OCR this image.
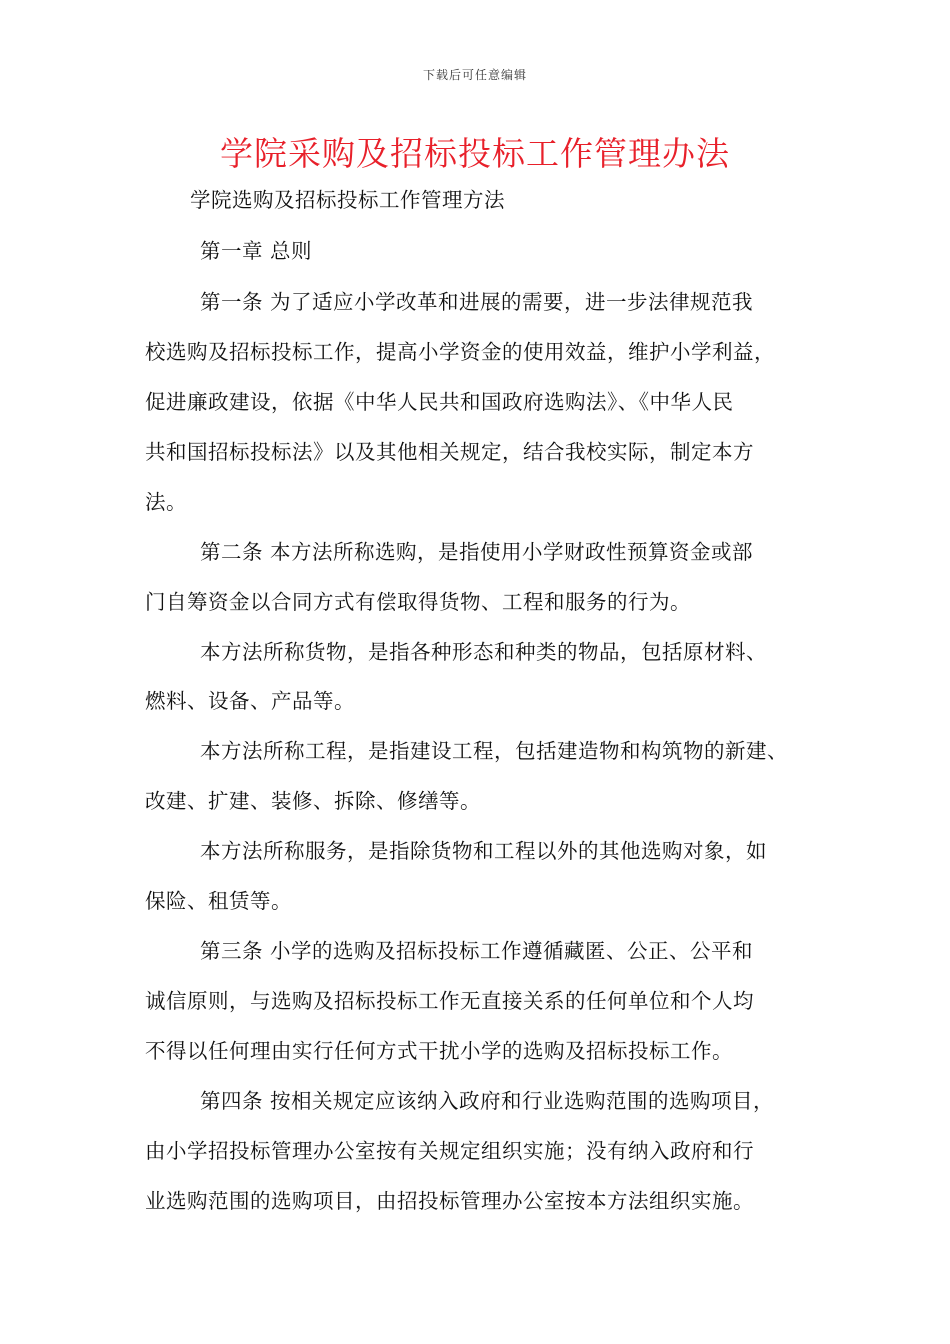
下载后可任意编辑
学院采购及招标投标工作管理办法
学院选购及招标投标工作管理方法
第一章 总则
第一条 为了适应小学改革和进展的需要，进一步法律规范我
校选购及招标投标工作，提高小学资金的使用效益，维护小学利益，
促进廉政建设，依据《中华人民共和国政府选购法》、《中华人民
共和国招标投标法》以及其他相关规定，结合我校实际，制定本方
法。
第二条 本方法所称选购，是指使用小学财政性预算资金或部
门自筹资金以合同方式有偿取得货物、工程和服务的行为。
本方法所称货物，是指各种形态和种类的物品，包括原材料、
燃料、设备、产品等。
本方法所称工程，是指建设工程，包括建造物和构筑物的新建、
改建、扩建、装修、拆除、修缮等。
本方法所称服务，是指除货物和工程以外的其他选购对象，如
保险、租赁等。
第三条 小学的选购及招标投标工作遵循藏匿、公正、公平和
诚信原则，与选购及招标投标工作无直接关系的任何单位和个人均
不得以任何理由实行任何方式干扰小学的选购及招标投标工作。
第四条 按相关规定应该纳入政府和行业选购范围的选购项目，
由小学招投标管理办公室按有关规定组织实施；没有纳入政府和行
业选购范围的选购项目，由招投标管理办公室按本方法组织实施。
